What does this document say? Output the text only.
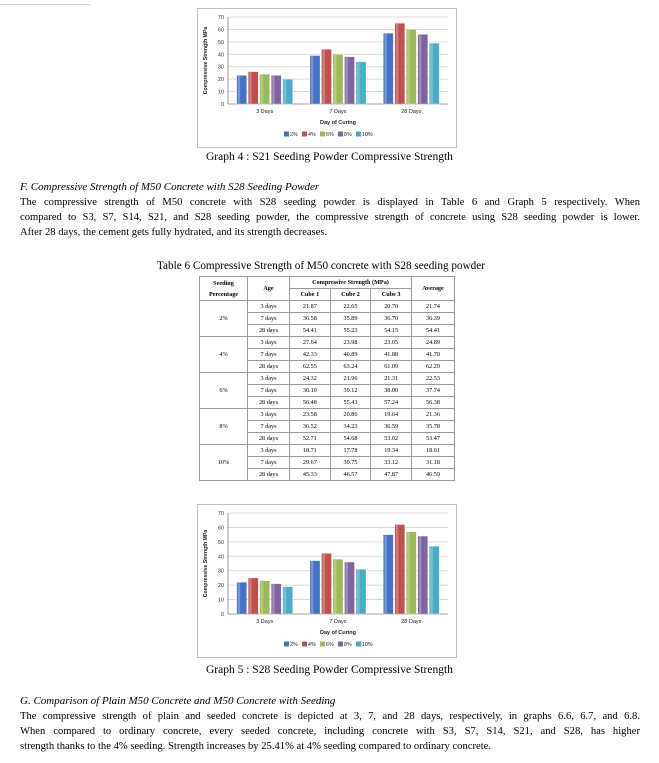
0
10
20
30
40
50
60
70
Compressive Strength MPa
3 Days	7 Days	28 Days
Day of Curing
2% 4% 6% 8% 10%
Graph 4 : S21 Seeding Powder Compressive Strength
F. Compressive Strength of M50 Concrete with S28 Seeding Powder
The compressive strength of M50 concrete with S28 seeding powder is displayed in Table 6 and Graph 5 respectively. When
compared to S3, S7, S14, S21, and S28 seeding powder, the compressive strength of concrete using S28 seeding powder is lower.
After 28 days, the cement gets fully hydrated, and its strength decreases.
Table 6 Compressive Strength of M50 concrete with S28 seeding powder
Seeding
Percentage	Age	Compressive Strength (MPa)			Average
		Cube 1	Cube 2	Cube 3	
2%	3 days	21.87	22.65	20.70	21.74
	7 days	36.58	35.89	36.70	36.39
	28 days	54.41	55.23	54.15	54.41
4%	3 days	27.64	23.98	23.05	24.89
	7 days	42.33	40.89	41.88	41.70
	28 days	62.55	63.24	61.09	62.29
6%	3 days	24.32	21.96	21.31	22.53
	7 days	36.10	39.12	38.00	37.74
	28 days	56.48	55.43	57.24	56.38
8%	3 days	23.58	20.86	19.64	21.36
	7 days	36.52	34.23	36.59	35.78
	28 days	52.71	54.68	53.02	53.47
10%	3 days	18.71	17.78	19.34	18.61
	7 days	29.67	30.75	33.12	31.18
	28 days	45.33	46.57	47.87	46.59
0
10
20
30
40
50
60
70
Compressive Strength MPa
3 Days	7 Days	28 Days
Day of Curing
2% 4% 6% 8% 10%
Graph 5 : S28 Seeding Powder Compressive Strength
G. Comparison of Plain M50 Concrete and M50 Concrete with Seeding
The compressive strength of plain and seeded concrete is depicted at 3, 7, and 28 days, respectively, in graphs 6.6, 6.7, and 6.8.
When compared to ordinary concrete, every seeded concrete, including concrete with S3, S7, S14, S21, and S28, has higher
strength thanks to the 4% seeding. Strength increases by 25.41% at 4% seeding compared to ordinary concrete.
